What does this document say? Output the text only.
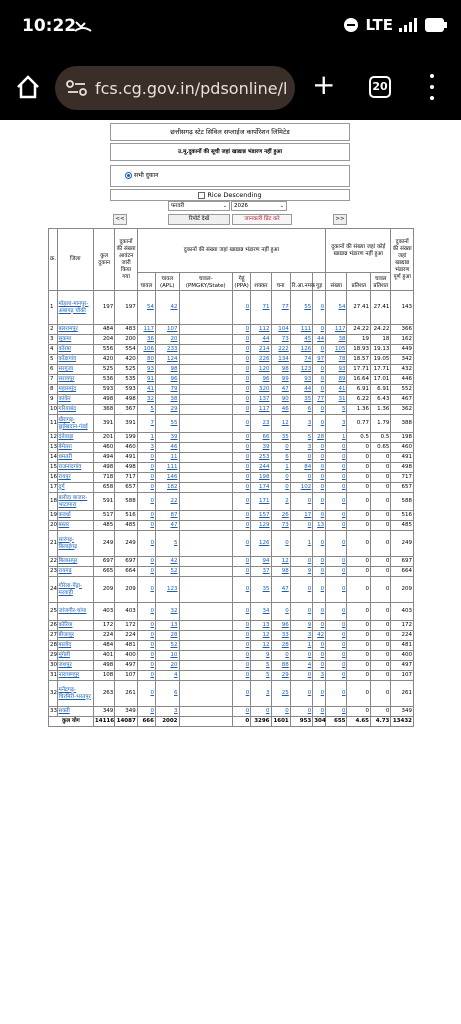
10:22	LTE
fcs.cg.gov.in/pdsonline/l +	20
छत्तीसगढ़ स्टेट सिविल सप्लाईज कार्पोरेशन लिमिटेड
उ.मू.दुकानों की सूची जहां खाद्यान्न भंडारण नहीं हुआ
सभी दुकान
Rice Descending
फरवरी	⌄	2026	⌄
<<	रिपोर्ट देखें	जानकारी प्रिंट करे	>>
क्र.	जिला	कुल दुकान	दुकानों की संख्या आवंटन जारी किया गया	दुकानों की संख्या जहां खाद्यान्न भंडारण नहीं हुआ								दुकानों की संख्या जहां कोई खाद्यान्न भंडारण नहीं हुआ			दुकानों की संख्या जहां खाद्यान्न भंडारण पूर्ण हुआ
				चावल	चावल (APL)	चावल- (PMGKY/State)	गेहूं (PPA)	शक्कर	चना	रि.आ.नमक	गुड़	संख्या	प्रतिशत	चावल प्रतिशत	
1	मोहला-मानपुर-अंबागढ़ चौकी	197	197	54	42		0	71	77	55	0	54	27.41	27.41	143
2	बलरामपुर	484	483	117	107		0	112	104	111	0	117	24.22	24.22	366
3	सुकमा	204	200	36	20		0	44	73	45	44	38	19	18	162
4	कोरबा	556	554	106	233		0	214	222	126	0	105	18.93	19.13	449
5	कोंडागांव	420	420	80	124		0	226	134	74	97	78	18.57	19.05	342
6	सरगुजा	525	525	93	98		0	120	98	123	0	93	17.71	17.71	432
7	सरायपुर	536	535	91	96		0	96	99	93	0	89	16.64	17.01	446
8	महासमुंद	593	593	41	79		0	320	47	44	0	41	6.91	6.91	552
9	कांकेर	498	498	32	38		0	137	90	35	77	31	6.22	6.43	467
10	गरियाबंद	368	367	5	29		0	117	46	6	0	5	1.36	1.36	362
11	खैरागढ़-छुईखदान-गंडई	391	391	7	55		0	23	12	3	0	3	0.77	1.79	388
12	दंतेवाड़ा	201	199	1	39		0	66	35	5	28	1	0.5	0.5	198
13	बेमेतरा	460	460	3	46		0	39	0	3	0	0	0	0.65	460
14	धमतरी	494	491	0	11		0	253	6	0	0	0	0	0	491
15	राजनांदगांव	498	498	0	111		0	244	1	84	0	0	0	0	498
16	रायपुर	718	717	0	146		0	198	0	0	0	0	0	0	717
17	दुर्ग	658	657	0	182		0	174	0	102	0	0	0	0	657
18	बलौदा बाजार-भाटापारा	591	588	0	22		0	171	2	0	0	0	0	0	588
19	कवर्धा	517	516	0	87		0	157	26	17	0	0	0	0	516
20	बस्तर	485	485	0	47		0	129	73	0	13	0	0	0	485
21	सारंगढ़-बिलाईगढ़	249	249	0	5		0	126	0	1	0	0	0	0	249
22	बिलासपुर	697	697	0	42		0	94	12	0	0	0	0	0	697
23	रायगढ़	665	664	0	52		0	37	98	9	0	0	0	0	664
24	गौरेला-पेंड्रा-मरवाही	209	209	0	123		0	35	47	0	0	0	0	0	209
25	जांजगीर-चांपा	403	403	0	32		0	34	0	0	0	0	0	0	403
26	कोरिया	172	172	0	13		0	13	96	9	0	0	0	0	172
27	बीजापुर	224	224	0	28		0	12	33	3	42	0	0	0	224
28	बालोद	484	481	0	52		0	12	28	1	0	0	0	0	481
29	मुंगेली	401	400	0	10		0	9	0	0	0	0	0	0	400
30	जशपुर	498	497	0	20		0	5	88	4	0	0	0	0	497
31	नारायणपुर	108	107	0	4		0	5	29	0	3	0	0	0	107
32	मनेंद्रगढ़-चिरमिरी-भरतपुर	263	261	0	6		0	3	25	0	0	0	0	0	261
33	सक्ती	349	349	0	3		0	0	0	0	0	0	0	0	349
कुल योग		14116	14087	666	2002		0	3296	1601	953	304	655	4.65	4.73	13432
